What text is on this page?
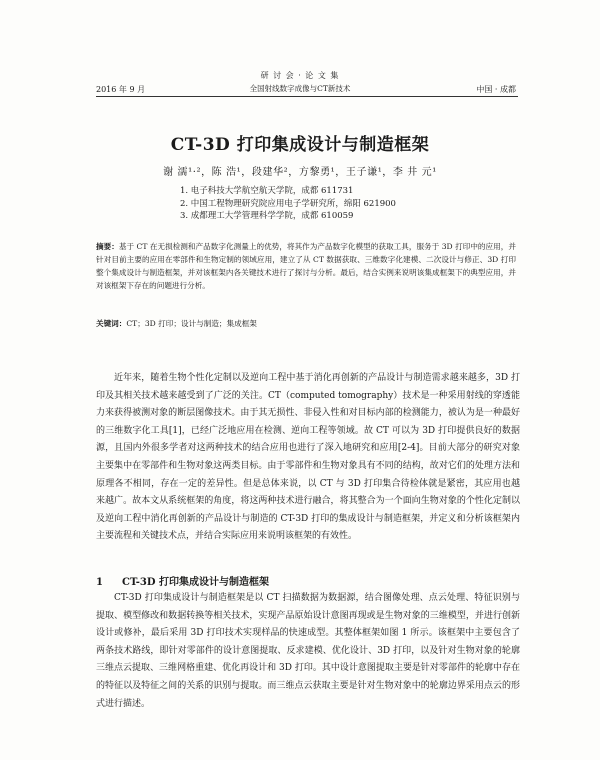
研 讨 会 · 论 文 集
全国射线数字成像与CT新技术
2016 年 9 月	中国 · 成都
CT-3D 打印集成设计与制造框架
谢 濡¹·²，陈 浩¹，段建华²，方黎勇¹，王子谦¹，李 井 元¹
1. 电子科技大学航空航天学院，成都 611731
2. 中国工程物理研究院应用电子学研究所，绵阳 621900
3. 成都理工大学管理科学学院，成都 610059
摘要：基于 CT 在无损检测和产品数字化测量上的优势，将其作为产品数字化模型的获取工具，服务于 3D 打印中的应用，并针对目前主要的应用在零部件和生物定制的领域应用，建立了从 CT 数据获取、三维数字化建模、二次设计与修正、3D 打印整个集成设计与制造框架，并对该框架内各关键技术进行了探讨与分析。最后，结合实例来说明该集成框架下的典型应用，并对该框架下存在的问题进行分析。
关键词：CT；3D 打印；设计与制造；集成框架

近年来，随着生物个性化定制以及逆向工程中基于消化再创新的产品设计与制造需求越来越多，3D 打印及其相关技术越来越受到了广泛的关注。CT（computed tomography）技术是一种采用射线的穿透能力来获得被测对象的断层图像技术。由于其无损性、非侵入性和对目标内部的检测能力，被认为是一种最好的三维数字化工具[1]，已经广泛地应用在检测、逆向工程等领域。故 CT 可以为 3D 打印提供良好的数据源，且国内外很多学者对这两种技术的结合应用也进行了深入地研究和应用[2-4]。目前大部分的研究对象主要集中在零部件和生物对象这两类目标。由于零部件和生物对象具有不同的结构，故对它们的处理方法和原理各不相同，存在一定的差异性。但是总体来说，以 CT 与 3D 打印集合待检体就是紧密，其应用也越来越广。故本文从系统框架的角度，将这两种技术进行融合，将其整合为一个面向生物对象的个性化定制以及逆向工程中消化再创新的产品设计与制造的 CT-3D 打印的集成设计与制造框架，并定义和分析该框架内主要流程和关键技术点，并结合实际应用来说明该框架的有效性。

1 CT-3D 打印集成设计与制造框架

CT-3D 打印集成设计与制造框架是以 CT 扫描数据为数据源，结合图像处理、点云处理、特征识别与提取、模型修改和数据转换等相关技术，实现产品原始设计意图再现或是生物对象的三维模型，并进行创新设计或修补，最后采用 3D 打印技术实现样品的快速成型。其整体框架如图 1 所示。该框架中主要包含了两条技术路线，即针对零部件的设计意图提取、反求建模、优化设计、3D 打印，以及针对生物对象的轮廓三维点云提取、三维网格重建、优化再设计和 3D 打印。其中设计意图提取主要是针对零部件的轮廓中存在的特征以及特征之间的关系的识别与提取。而三维点云获取主要是针对生物对象中的轮廓边界采用点云的形式进行描述。
